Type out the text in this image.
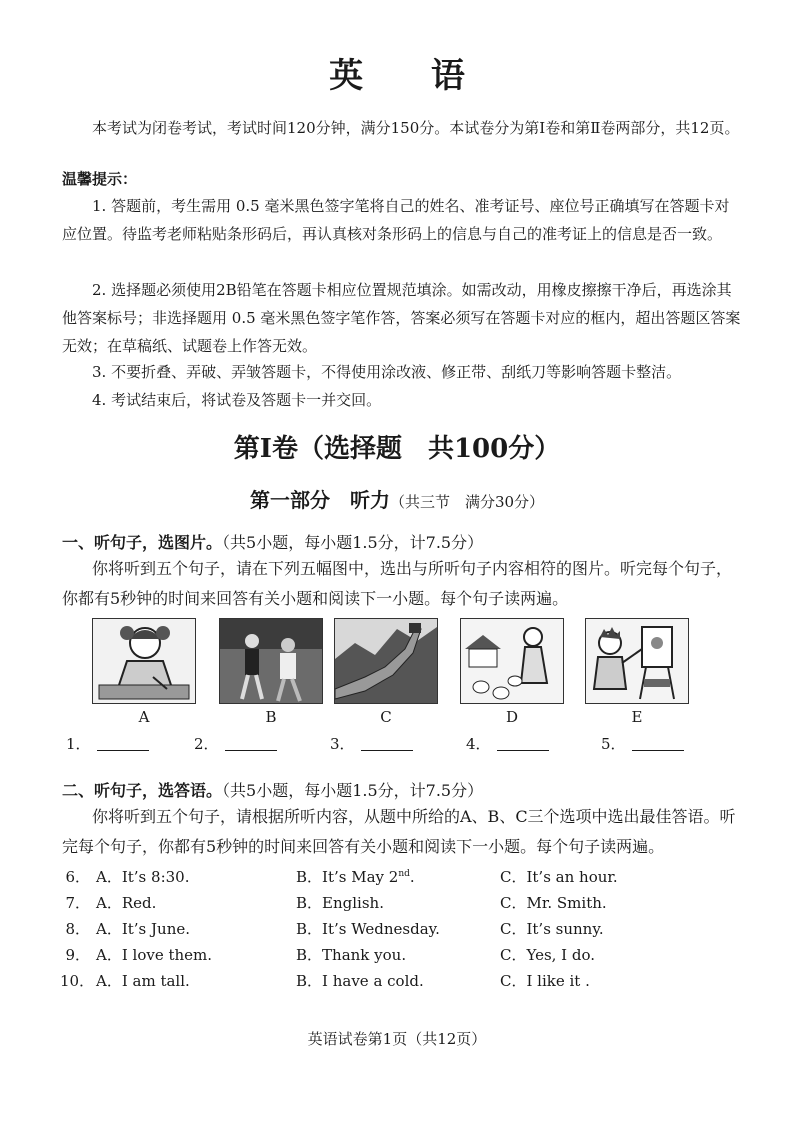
英 语
本考试为闭卷考试，考试时间120分钟，满分150分。本试卷分为第Ⅰ卷和第Ⅱ卷两部分，共12页。
温馨提示：
1. 答题前，考生需用 0.5 毫米黑色签字笔将自己的姓名、准考证号、座位号正确填写在答题卡对应位置。待监考老师粘贴条形码后，再认真核对条形码上的信息与自己的准考证上的信息是否一致。
2. 选择题必须使用2B铅笔在答题卡相应位置规范填涂。如需改动，用橡皮擦擦干净后，再选涂其他答案标号；非选择题用 0.5 毫米黑色签字笔作答，答案必须写在答题卡对应的框内，超出答题区答案无效；在草稿纸、试题卷上作答无效。
3. 不要折叠、弄破、弄皱答题卡，不得使用涂改液、修正带、刮纸刀等影响答题卡整洁。
4. 考试结束后，将试卷及答题卡一并交回。
第Ⅰ卷（选择题　共100分）
第一部分　听力（共三节　满分30分）
一、听句子，选图片。（共5小题，每小题1.5分，计7.5分）
你将听到五个句子，请在下列五幅图中，选出与所听句子内容相符的图片。听完每个句子，你都有5秒钟的时间来回答有关小题和阅读下一小题。每个句子读两遍。
A	B	C	D	E
1．	2．	3．	4．	5．
二、听句子，选答语。（共5小题，每小题1.5分，计7.5分）
你将听到五个句子，请根据所听内容，从题中所给的A、B、C三个选项中选出最佳答语。听完每个句子，你都有5秒钟的时间来回答有关小题和阅读下一小题。每个句子读两遍。
6． A．It’s 8:30.	B．It’s May 2nd.	C．It’s an hour.
7． A．Red.	B．English.	C．Mr. Smith.
8． A．It’s June.	B．It’s Wednesday.	C．It’s sunny.
9． A．I love them.	B．Thank you.	C．Yes, I do.
10． A．I am tall.	B．I have a cold.	C．I like it .
英语试卷第1页（共12页）
